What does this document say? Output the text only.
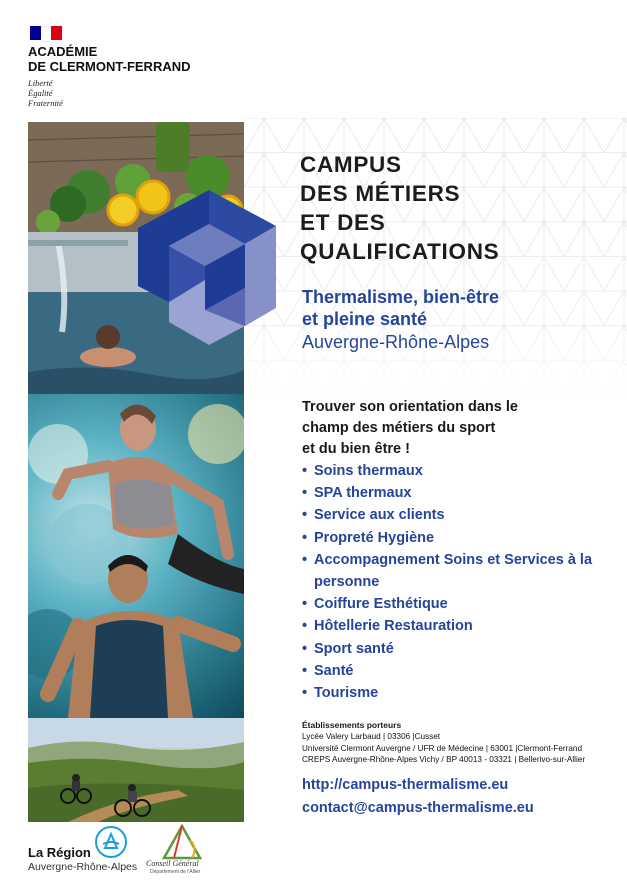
ACADÉMIE
DE CLERMONT-FERRAND
Liberté
Égalité
Fraternité
CAMPUS
DES MÉTIERS
ET DES
QUALIFICATIONS
Thermalisme, bien-être
et pleine santé
Auvergne-Rhône-Alpes
Trouver son orientation dans le
champ des métiers du sport
et du bien être !
• Soins thermaux
• SPA thermaux
• Service aux clients
• Propreté Hygiène
• Accompagnement Soins et Services à la personne
• Coiffure Esthétique
• Hôtellerie Restauration
• Sport santé
• Santé
• Tourisme
Établissements porteurs
Lycée Valery Larbaud | 03306 |Cusset
Université Clermont Auvergne / UFR de Médecine | 63001 |Clermont-Ferrand
CREPS Auvergne-Rhône-Alpes Vichy / BP 40013 - 03321 | Bellerivo-sur-Allier
http://campus-thermalisme.eu
contact@campus-thermalisme.eu
La Région
Auvergne-Rhône-Alpes Conseil Général
Département de l'Allier
